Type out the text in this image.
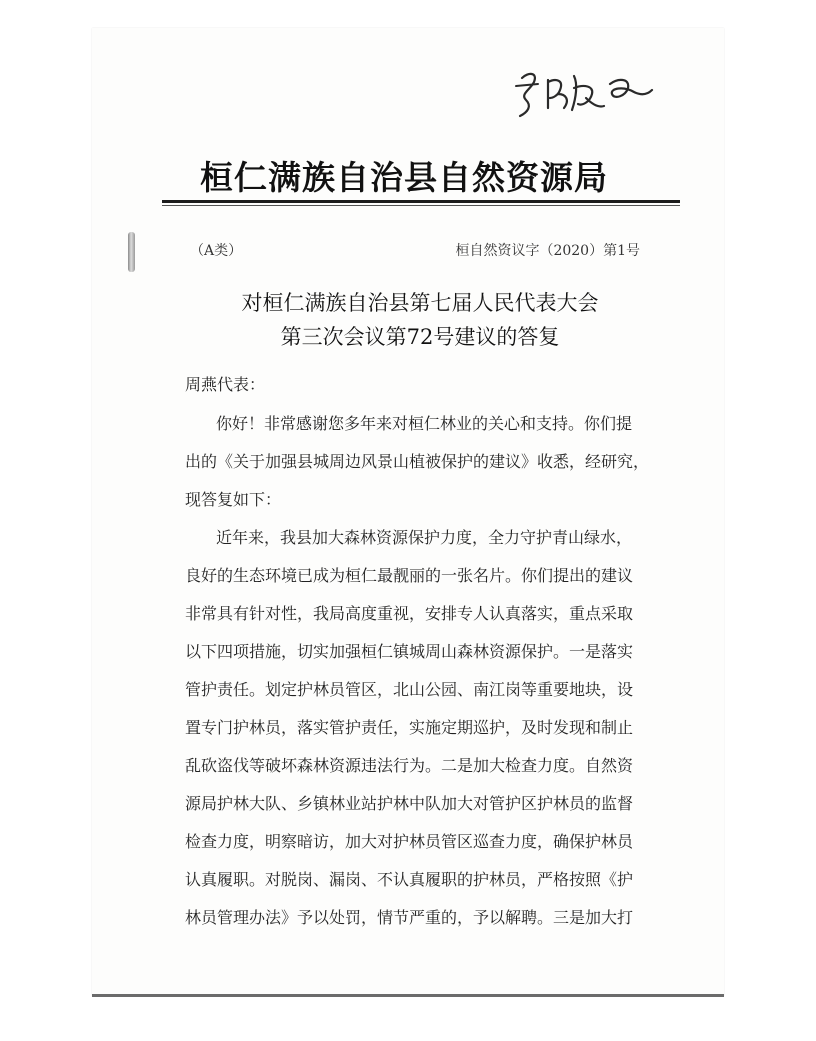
桓仁满族自治县自然资源局
（A类）	桓自然资议字（2020）第1号
对桓仁满族自治县第七届人民代表大会
第三次会议第72号建议的答复
周燕代表：
你好！非常感谢您多年来对桓仁林业的关心和支持。你们提
出的《关于加强县城周边风景山植被保护的建议》收悉，经研究，
现答复如下：
近年来，我县加大森林资源保护力度，全力守护青山绿水，
良好的生态环境已成为桓仁最靓丽的一张名片。你们提出的建议
非常具有针对性，我局高度重视，安排专人认真落实，重点采取
以下四项措施，切实加强桓仁镇城周山森林资源保护。一是落实
管护责任。划定护林员管区，北山公园、南江岗等重要地块，设
置专门护林员，落实管护责任，实施定期巡护，及时发现和制止
乱砍盗伐等破坏森林资源违法行为。二是加大检查力度。自然资
源局护林大队、乡镇林业站护林中队加大对管护区护林员的监督
检查力度，明察暗访，加大对护林员管区巡查力度，确保护林员
认真履职。对脱岗、漏岗、不认真履职的护林员，严格按照《护
林员管理办法》予以处罚，情节严重的，予以解聘。三是加大打
